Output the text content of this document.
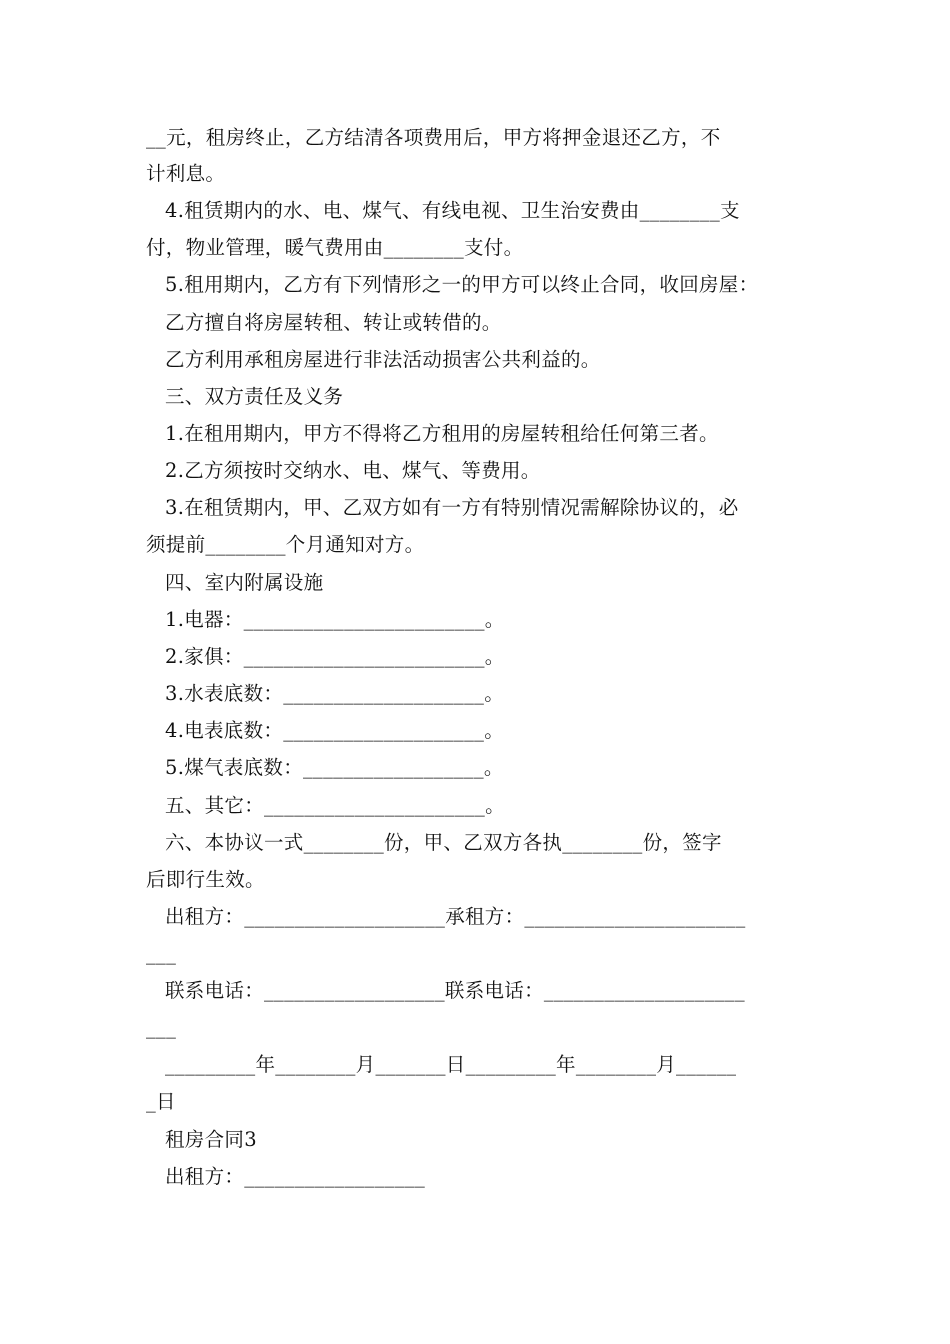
__元，租房终止，乙方结清各项费用后，甲方将押金退还乙方，不
计利息。
4.租赁期内的水、电、煤气、有线电视、卫生治安费由________支
付，物业管理，暖气费用由________支付。
5.租用期内，乙方有下列情形之一的甲方可以终止合同，收回房屋：
乙方擅自将房屋转租、转让或转借的。
乙方利用承租房屋进行非法活动损害公共利益的。
三、双方责任及义务
1.在租用期内，甲方不得将乙方租用的房屋转租给任何第三者。
2.乙方须按时交纳水、电、煤气、等费用。
3.在租赁期内，甲、乙双方如有一方有特别情况需解除协议的，必
须提前________个月通知对方。
四、室内附属设施
1.电器：________________________。
2.家俱：________________________。
3.水表底数：____________________。
4.电表底数：____________________。
5.煤气表底数：__________________。
五、其它：______________________。
六、本协议一式________份，甲、乙双方各执________份，签字
后即行生效。
出租方：____________________承租方：______________________
___
联系电话：__________________联系电话：____________________
___
_________年________月_______日_________年________月______
_日
租房合同3
出租方：__________________
